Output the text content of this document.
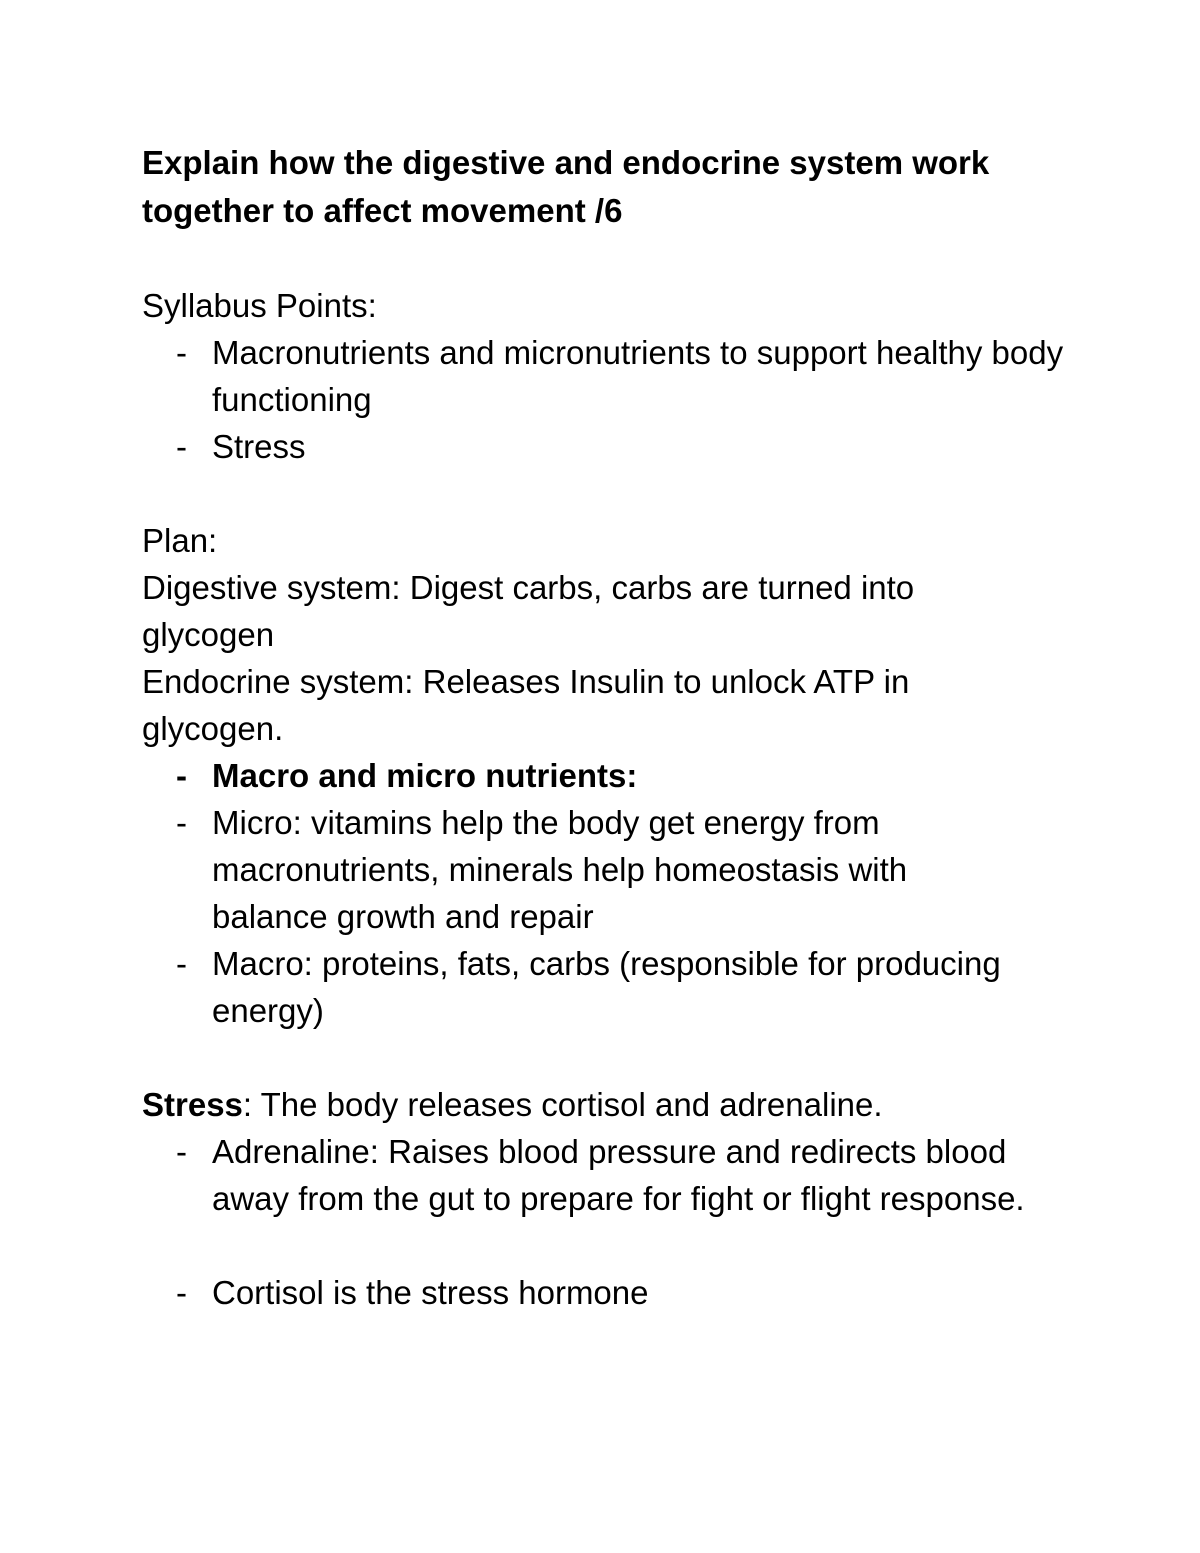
Explain how the digestive and endocrine system work

together to affect movement /6

Syllabus Points:

- Macronutrients and micronutrients to support healthy body functioning
- Stress

Plan:

Digestive system: Digest carbs, carbs are turned into glycogen

Endocrine system: Releases Insulin to unlock ATP in glycogen.

- Macro and micro nutrients:
- Micro: vitamins help the body get energy from macronutrients, minerals help homeostasis with balance growth and repair
- Macro: proteins, fats, carbs (responsible for producing energy)

Stress: The body releases cortisol and adrenaline.

- Adrenaline: Raises blood pressure and redirects blood away from the gut to prepare for fight or flight response.
- Cortisol is the stress hormone
